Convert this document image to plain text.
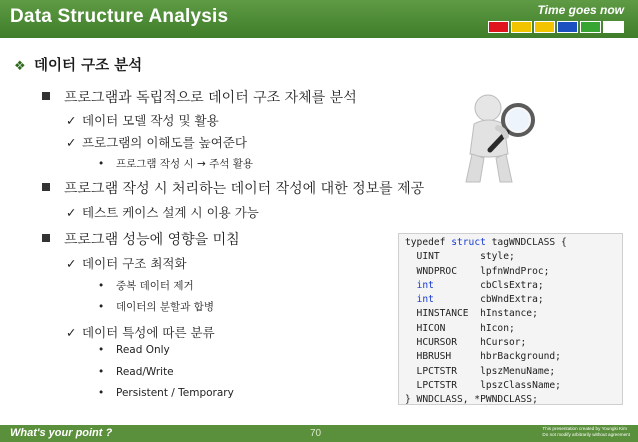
Data Structure Analysis	Time goes now
❖ 데이터 구조 분석
프로그램과 독립적으로 데이터 구조 자체를 분석
✓ 데이터 모델 작성 및 활용
✓ 프로그램의 이해도를 높여준다
• 프로그램 작성 시 → 주석 활용
프로그램 작성 시 처리하는 데이터 작성에 대한 정보를 제공
✓ 테스트 케이스 설계 시 이용 가능
프로그램 성능에 영향을 미침
✓ 데이터 구조 최적화
• 중복 데이터 제거
• 데이터의 분할과 합병
✓ 데이터 특성에 따른 분류
• Read Only
• Read/Write
• Persistent / Temporary
typedef struct tagWNDCLASS {
UINT       style;
WNDPROC    lpfnWndProc;
int        cbClsExtra;
int        cbWndExtra;
HINSTANCE  hInstance;
HICON      hIcon;
HCURSOR    hCursor;
HBRUSH     hbrBackground;
LPCTSTR    lpszMenuName;
LPCTSTR    lpszClassName;
} WNDCLASS, *PWNDCLASS;
What's your point ?	70	This presentation created by Youngki Kim
Do not modify arbitrarily without agreement
